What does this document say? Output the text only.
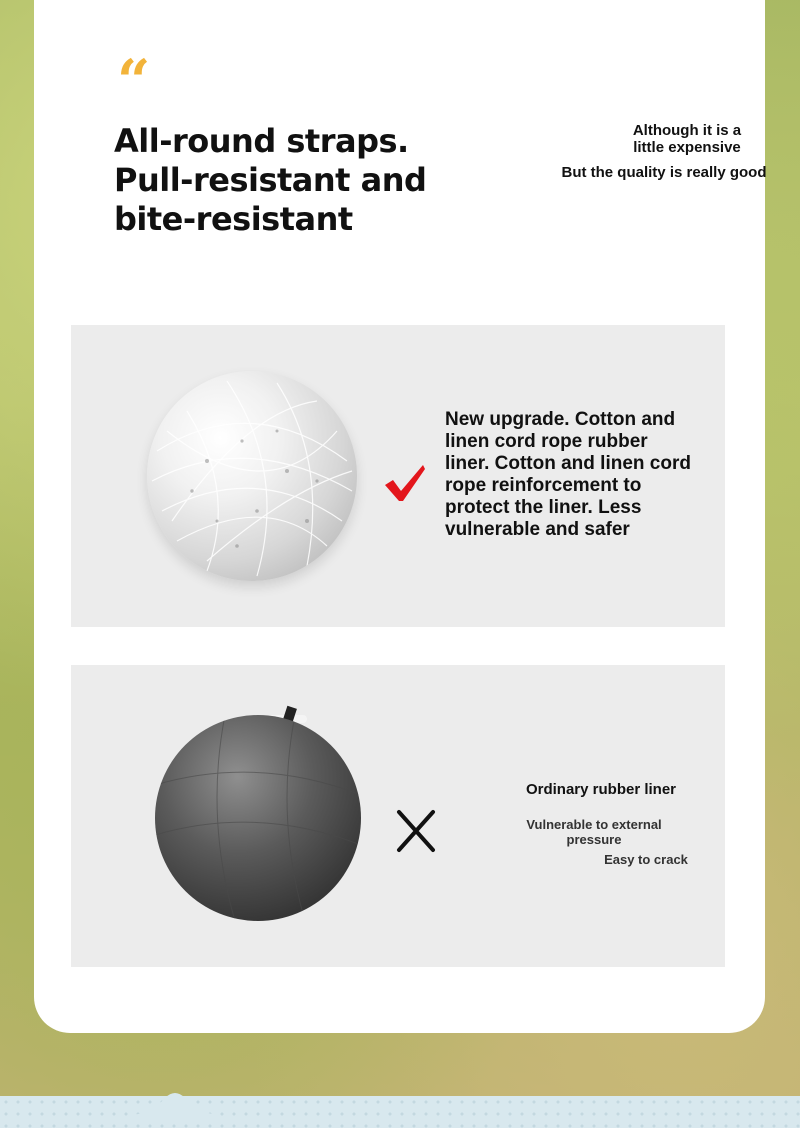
“
All-round straps.
Pull-resistant and
bite-resistant
Although it is a little expensive
But the quality is really good
New upgrade. Cotton and linen cord rope rubber liner. Cotton and linen cord rope reinforcement to protect the liner. Less vulnerable and safer
Ordinary rubber liner
Vulnerable to external pressure
Easy to crack
